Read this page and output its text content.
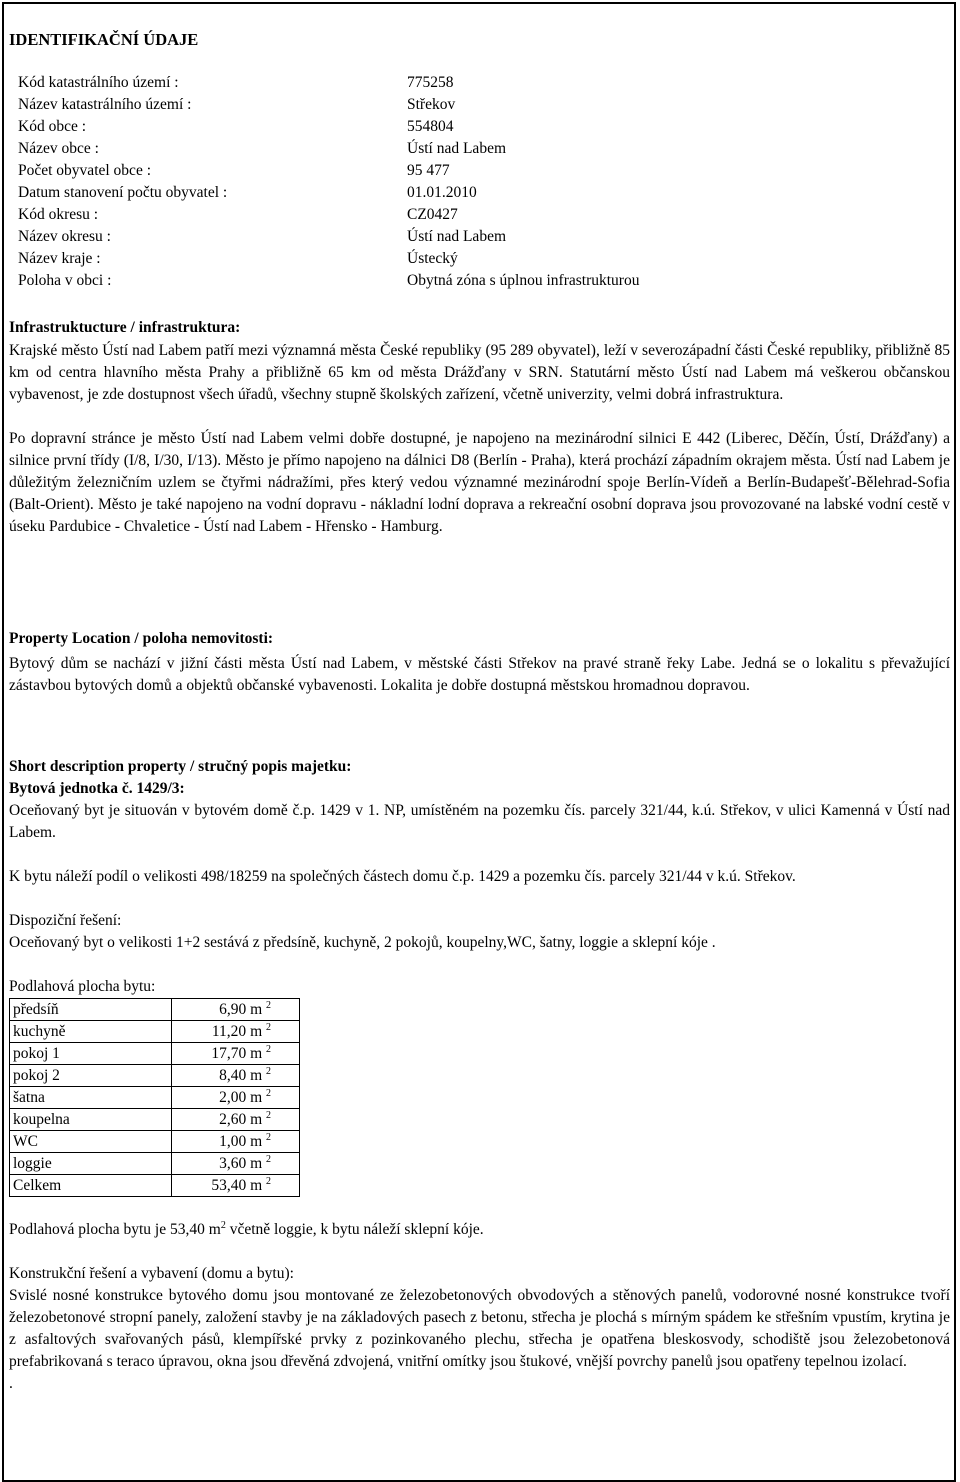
IDENTIFIKAČNÍ ÚDAJE
Kód katastrálního území :	775258
Název katastrálního území :	Střekov
Kód obce :	554804
Název obce :	Ústí nad Labem
Počet obyvatel obce :	95 477
Datum stanovení počtu obyvatel :	01.01.2010
Kód okresu :	CZ0427
Název okresu :	Ústí nad Labem
Název kraje :	Ústecký
Poloha v obci :	Obytná zóna s úplnou infrastrukturou
Infrastruktucture / infrastruktura:

Krajské město Ústí nad Labem patří mezi významná města České republiky (95 289 obyvatel), leží v severozápadní části České republiky, přibližně 85 km od centra hlavního města Prahy a přibližně 65 km od města Drážďany v SRN. Statutární město Ústí nad Labem má veškerou občanskou vybavenost, je zde dostupnost všech úřadů, všechny stupně školských zařízení, včetně univerzity, velmi dobrá infrastruktura.

Po dopravní stránce je město Ústí nad Labem velmi dobře dostupné, je napojeno na mezinárodní silnici E 442 (Liberec, Děčín, Ústí, Drážďany) a silnice první třídy (I/8, I/30, I/13). Město je přímo napojeno na dálnici D8 (Berlín - Praha), která prochází západním okrajem města. Ústí nad Labem je důležitým železničním uzlem se čtyřmi nádražími, přes který vedou významné mezinárodní spoje Berlín-Vídeň a Berlín-Budapešť-Bělehrad-Sofia (Balt-Orient). Město je také napojeno na vodní dopravu - nákladní lodní doprava a rekreační osobní doprava jsou provozované na labské vodní cestě v úseku Pardubice - Chvaletice - Ústí nad Labem - Hřensko - Hamburg.

Property Location / poloha nemovitosti:

Bytový dům se nachází v jižní části města Ústí nad Labem, v městské části Střekov na pravé straně řeky Labe. Jedná se o lokalitu s převažující zástavbou bytových domů a objektů občanské vybavenosti. Lokalita je dobře dostupná městskou hromadnou dopravou.

Short description property / stručný popis majetku:
Bytová jednotka č. 1429/3:

Oceňovaný byt je situován v bytovém domě č.p. 1429 v 1. NP, umístěném na pozemku čís. parcely 321/44, k.ú. Střekov, v ulici Kamenná v Ústí nad Labem.

K bytu náleží podíl o velikosti 498/18259 na společných částech domu č.p. 1429 a pozemku čís. parcely 321/44 v k.ú. Střekov.

Dispoziční řešení:
Oceňovaný byt o velikosti 1+2 sestává z předsíně, kuchyně, 2 pokojů, koupelny,WC, šatny, loggie a sklepní kóje .
Podlahová plocha bytu:
předsíň	6,90 m $^2$
kuchyně	11,20 m $^2$
pokoj 1	17,70 m $^2$
pokoj 2	8,40 m $^2$
šatna	2,00 m $^2$
koupelna	2,60 m $^2$
WC	1,00 m $^2$
loggie	3,60 m $^2$
Celkem	53,40 m $^2$
Podlahová plocha bytu je 53,40 $m^2$ včetně loggie, k bytu náleží sklepní kóje.
Konstrukční řešení a vybavení (domu a bytu):

Svislé nosné konstrukce bytového domu jsou montované ze železobetonových obvodových a stěnových panelů, vodorovné nosné konstrukce tvoří železobetonové stropní panely, založení stavby je na základových pasech z betonu, střecha je plochá s mírným spádem ke střešním vpustím, krytina je z asfaltových svařovaných pásů, klempířské prvky z pozinkovaného plechu, střecha je opatřena bleskosvody, schodiště jsou železobetonová prefabrikovaná s teraco úpravou, okna jsou dřevěná zdvojená, vnitřní omítky jsou štukové, vnější povrchy panelů jsou opatřeny tepelnou izolací.

.
